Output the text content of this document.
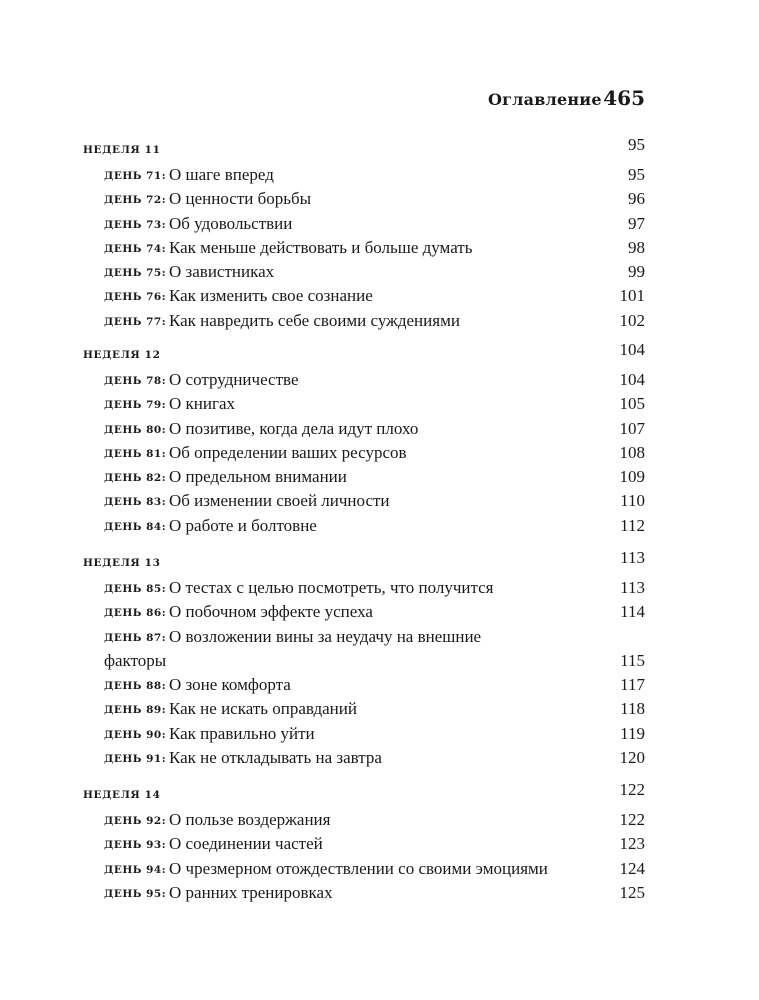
Оглавление 465
НЕДЕЛЯ 11	95
ДЕНЬ 71: О шаге вперед	95
ДЕНЬ 72: О ценности борьбы	96
ДЕНЬ 73: Об удовольствии	97
ДЕНЬ 74: Как меньше действовать и больше думать	98
ДЕНЬ 75: О завистниках	99
ДЕНЬ 76: Как изменить свое сознание	101
ДЕНЬ 77: Как навредить себе своими суждениями	102
НЕДЕЛЯ 12	104
ДЕНЬ 78: О сотрудничестве	104
ДЕНЬ 79: О книгах	105
ДЕНЬ 80: О позитиве, когда дела идут плохо	107
ДЕНЬ 81: Об определении ваших ресурсов	108
ДЕНЬ 82: О предельном внимании	109
ДЕНЬ 83: Об изменении своей личности	110
ДЕНЬ 84: О работе и болтовне	112
НЕДЕЛЯ 13	113
ДЕНЬ 85: О тестах с целью посмотреть, что получится	113
ДЕНЬ 86: О побочном эффекте успеха	114
ДЕНЬ 87: О возложении вины за неудачу на внешние
факторы	115
ДЕНЬ 88: О зоне комфорта	117
ДЕНЬ 89: Как не искать оправданий	118
ДЕНЬ 90: Как правильно уйти	119
ДЕНЬ 91: Как не откладывать на завтра	120
НЕДЕЛЯ 14	122
ДЕНЬ 92: О пользе воздержания	122
ДЕНЬ 93: О соединении частей	123
ДЕНЬ 94: О чрезмерном отождествлении со своими эмоциями	124
ДЕНЬ 95: О ранних тренировках	125
